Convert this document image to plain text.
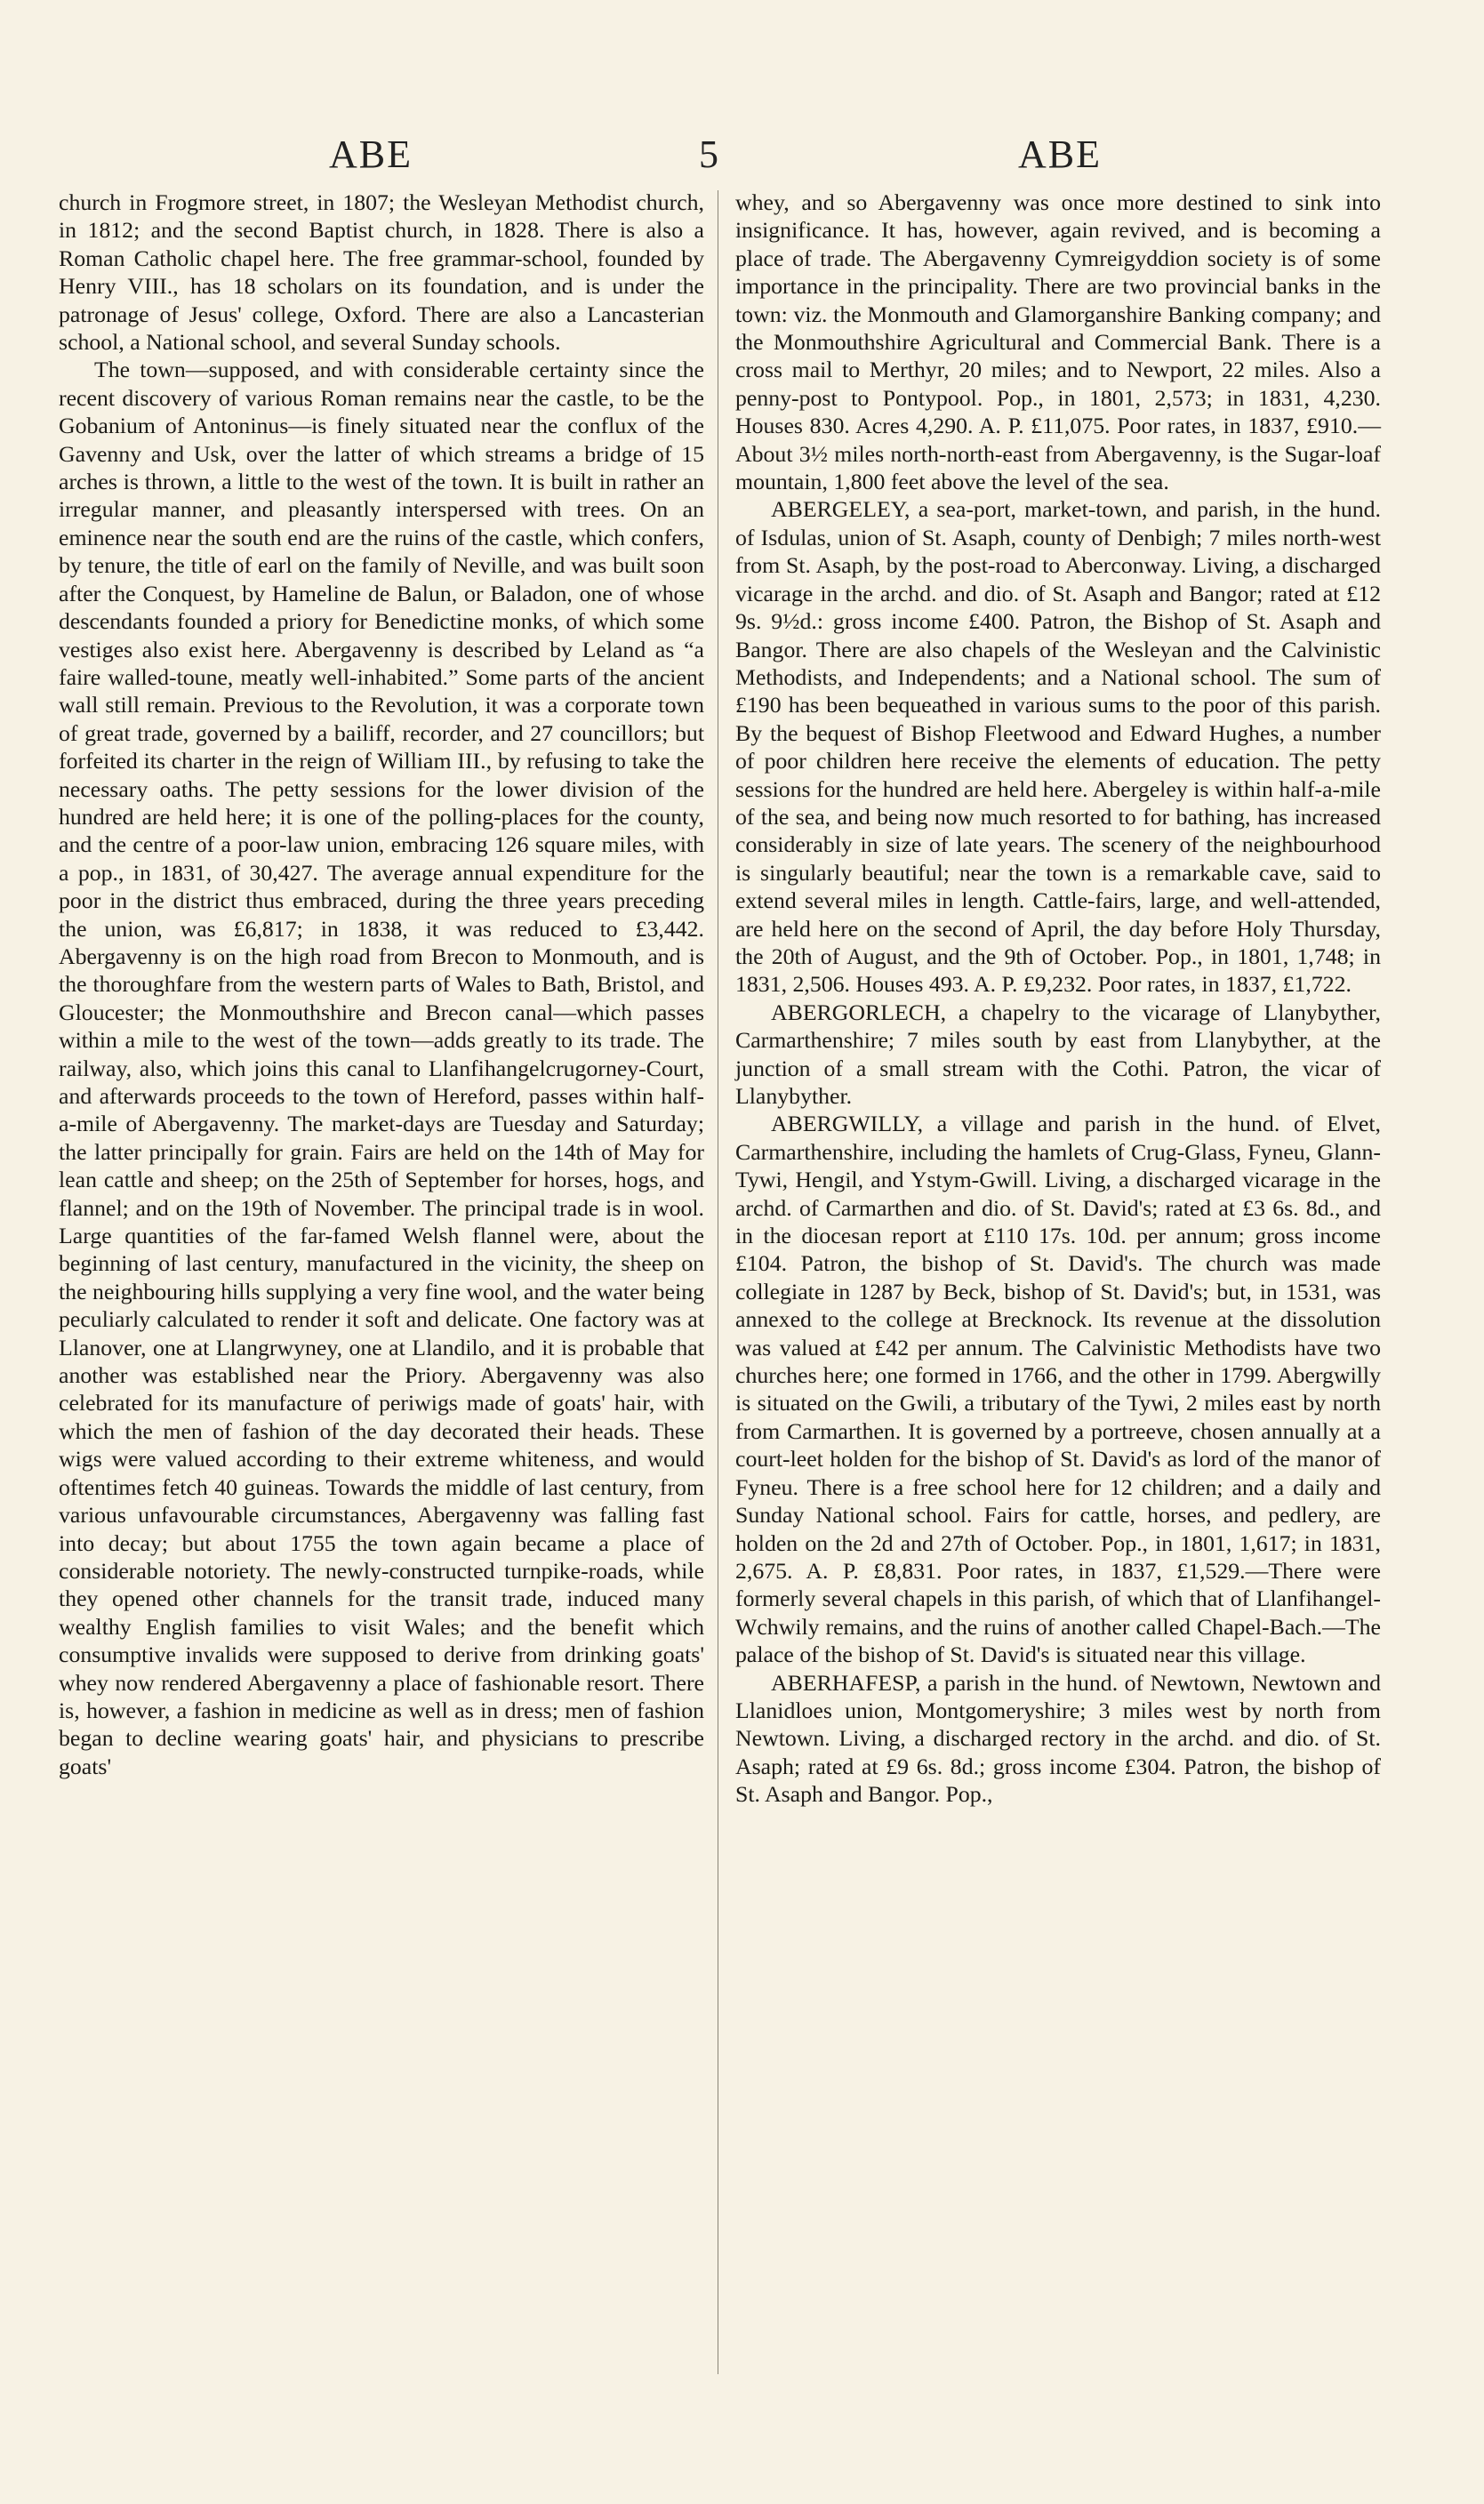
ABE	5	ABE

church in Frogmore street, in 1807; the Wesleyan Methodist church, in 1812; and the second Baptist church, in 1828. There is also a Roman Catholic chapel here. The free grammar-school, founded by Henry VIII., has 18 scholars on its foundation, and is under the patronage of Jesus' college, Oxford. There are also a Lancasterian school, a National school, and several Sunday schools.

The town—supposed, and with considerable certainty since the recent discovery of various Roman remains near the castle, to be the Gobanium of Antoninus—is finely situated near the conflux of the Gavenny and Usk, over the latter of which streams a bridge of 15 arches is thrown, a little to the west of the town. It is built in rather an irregular manner, and pleasantly interspersed with trees. On an eminence near the south end are the ruins of the castle, which confers, by tenure, the title of earl on the family of Neville, and was built soon after the Conquest, by Hameline de Balun, or Baladon, one of whose descendants founded a priory for Benedictine monks, of which some vestiges also exist here. Abergavenny is described by Leland as “a faire walled-toune, meatly well-inhabited.” Some parts of the ancient wall still remain. Previous to the Revolution, it was a corporate town of great trade, governed by a bailiff, recorder, and 27 councillors; but forfeited its charter in the reign of William III., by refusing to take the necessary oaths. The petty sessions for the lower division of the hundred are held here; it is one of the polling-places for the county, and the centre of a poor-law union, embracing 126 square miles, with a pop., in 1831, of 30,427. The average annual expenditure for the poor in the district thus embraced, during the three years preceding the union, was £6,817; in 1838, it was reduced to £3,442. Abergavenny is on the high road from Brecon to Monmouth, and is the thoroughfare from the western parts of Wales to Bath, Bristol, and Gloucester; the Monmouthshire and Brecon canal—which passes within a mile to the west of the town—adds greatly to its trade. The railway, also, which joins this canal to Llanfihangelcrugorney-Court, and afterwards proceeds to the town of Hereford, passes within half-a-mile of Abergavenny. The market-days are Tuesday and Saturday; the latter principally for grain. Fairs are held on the 14th of May for lean cattle and sheep; on the 25th of September for horses, hogs, and flannel; and on the 19th of November. The principal trade is in wool. Large quantities of the far-famed Welsh flannel were, about the beginning of last century, manufactured in the vicinity, the sheep on the neighbouring hills supplying a very fine wool, and the water being peculiarly calculated to render it soft and delicate. One factory was at Llanover, one at Llangrwyney, one at Llandilo, and it is probable that another was established near the Priory. Abergavenny was also celebrated for its manufacture of periwigs made of goats' hair, with which the men of fashion of the day decorated their heads. These wigs were valued according to their extreme whiteness, and would oftentimes fetch 40 guineas. Towards the middle of last century, from various unfavourable circumstances, Abergavenny was falling fast into decay; but about 1755 the town again became a place of considerable notoriety. The newly-constructed turnpike-roads, while they opened other channels for the transit trade, induced many wealthy English families to visit Wales; and the benefit which consumptive invalids were supposed to derive from drinking goats' whey now rendered Abergavenny a place of fashionable resort. There is, however, a fashion in medicine as well as in dress; men of fashion began to decline wearing goats' hair, and physicians to prescribe goats'

whey, and so Abergavenny was once more destined to sink into insignificance. It has, however, again revived, and is becoming a place of trade. The Abergavenny Cymreigyddion society is of some importance in the principality. There are two provincial banks in the town: viz. the Monmouth and Glamorganshire Banking company; and the Monmouthshire Agricultural and Commercial Bank. There is a cross mail to Merthyr, 20 miles; and to Newport, 22 miles. Also a penny-post to Pontypool. Pop., in 1801, 2,573; in 1831, 4,230. Houses 830. Acres 4,290. A. P. £11,075. Poor rates, in 1837, £910.—About 3½ miles north-north-east from Abergavenny, is the Sugar-loaf mountain, 1,800 feet above the level of the sea.

ABERGELEY, a sea-port, market-town, and parish, in the hund. of Isdulas, union of St. Asaph, county of Denbigh; 7 miles north-west from St. Asaph, by the post-road to Aberconway. Living, a discharged vicarage in the archd. and dio. of St. Asaph and Bangor; rated at £12 9s. 9½d.: gross income £400. Patron, the Bishop of St. Asaph and Bangor. There are also chapels of the Wesleyan and the Calvinistic Methodists, and Independents; and a National school. The sum of £190 has been bequeathed in various sums to the poor of this parish. By the bequest of Bishop Fleetwood and Edward Hughes, a number of poor children here receive the elements of education. The petty sessions for the hundred are held here. Abergeley is within half-a-mile of the sea, and being now much resorted to for bathing, has increased considerably in size of late years. The scenery of the neighbourhood is singularly beautiful; near the town is a remarkable cave, said to extend several miles in length. Cattle-fairs, large, and well-attended, are held here on the second of April, the day before Holy Thursday, the 20th of August, and the 9th of October. Pop., in 1801, 1,748; in 1831, 2,506. Houses 493. A. P. £9,232. Poor rates, in 1837, £1,722.

ABERGORLECH, a chapelry to the vicarage of Llanybyther, Carmarthenshire; 7 miles south by east from Llanybyther, at the junction of a small stream with the Cothi. Patron, the vicar of Llanybyther.

ABERGWILLY, a village and parish in the hund. of Elvet, Carmarthenshire, including the hamlets of Crug-Glass, Fyneu, Glann-Tywi, Hengil, and Ystym-Gwill. Living, a discharged vicarage in the archd. of Carmarthen and dio. of St. David's; rated at £3 6s. 8d., and in the diocesan report at £110 17s. 10d. per annum; gross income £104. Patron, the bishop of St. David's. The church was made collegiate in 1287 by Beck, bishop of St. David's; but, in 1531, was annexed to the college at Brecknock. Its revenue at the dissolution was valued at £42 per annum. The Calvinistic Methodists have two churches here; one formed in 1766, and the other in 1799. Abergwilly is situated on the Gwili, a tributary of the Tywi, 2 miles east by north from Carmarthen. It is governed by a portreeve, chosen annually at a court-leet holden for the bishop of St. David's as lord of the manor of Fyneu. There is a free school here for 12 children; and a daily and Sunday National school. Fairs for cattle, horses, and pedlery, are holden on the 2d and 27th of October. Pop., in 1801, 1,617; in 1831, 2,675. A. P. £8,831. Poor rates, in 1837, £1,529.—There were formerly several chapels in this parish, of which that of Llanfihangel-Wchwily remains, and the ruins of another called Chapel-Bach.—The palace of the bishop of St. David's is situated near this village.

ABERHAFESP, a parish in the hund. of Newtown, Newtown and Llanidloes union, Montgomeryshire; 3 miles west by north from Newtown. Living, a discharged rectory in the archd. and dio. of St. Asaph; rated at £9 6s. 8d.; gross income £304. Patron, the bishop of St. Asaph and Bangor. Pop.,
